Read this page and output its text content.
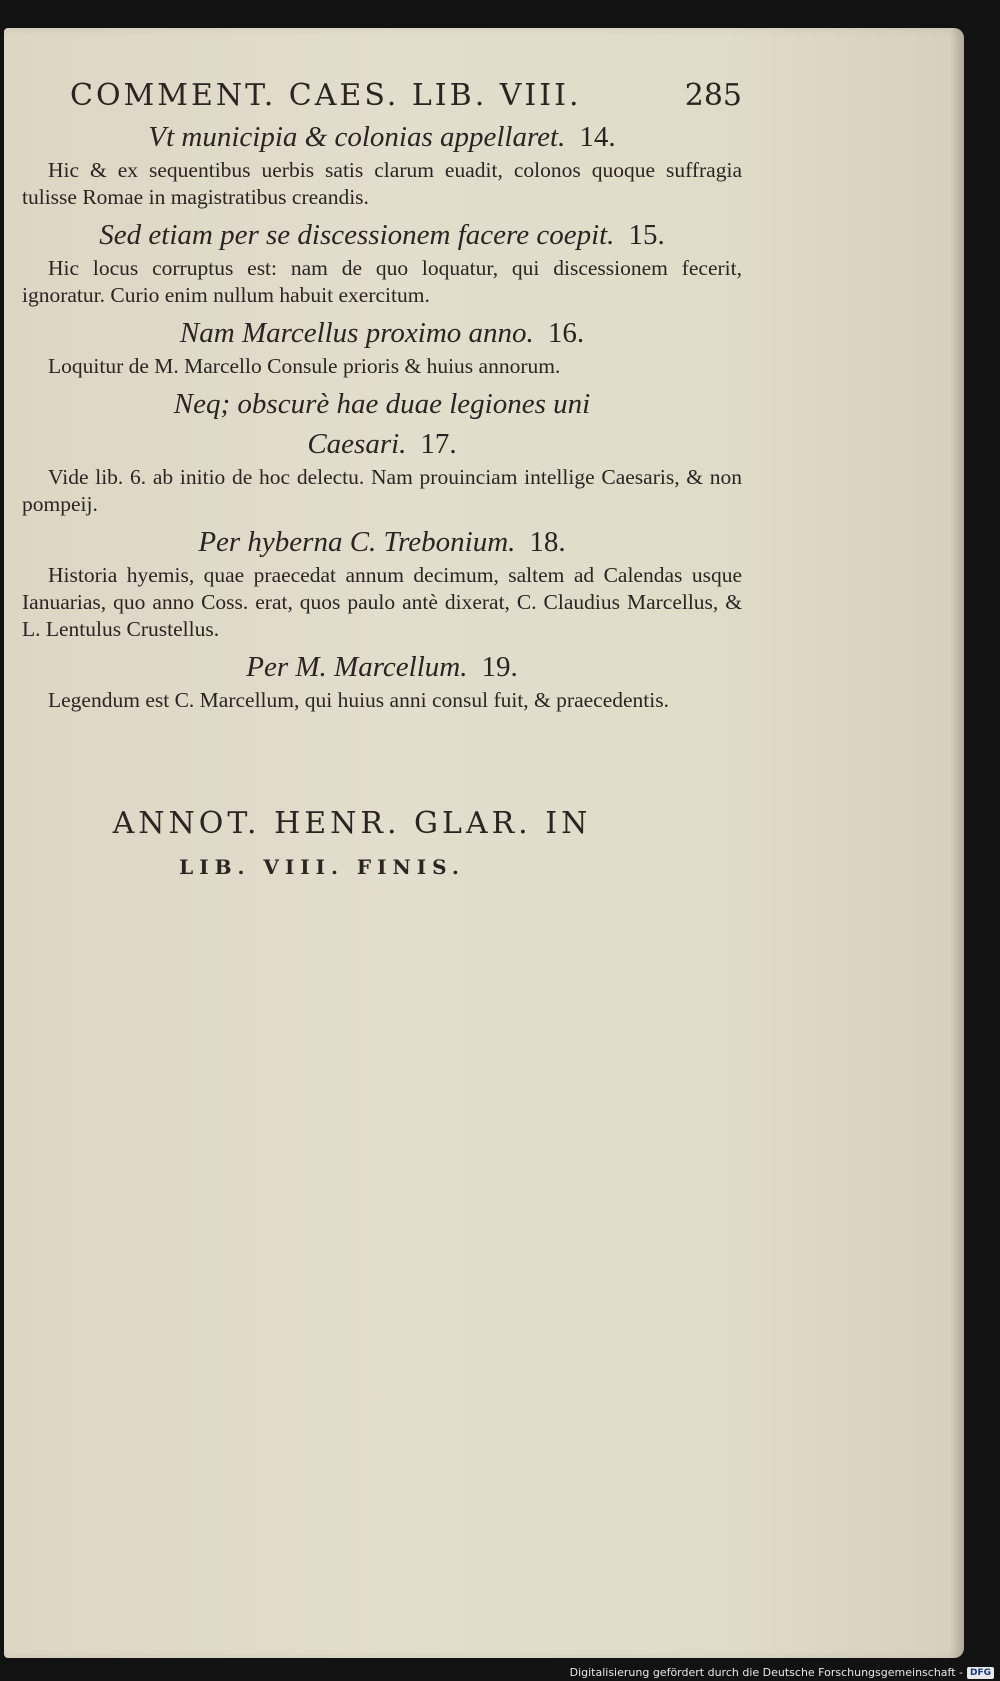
COMMENT. CAES. LIB. VIII.	285

Vt municipia & colonias appellaret. 14.

Hic & ex sequentibus uerbis satis clarum euadit, colonos quoque suffragia tulisse Romae in magistratibus creandis.

Sed etiam per se discessionem facere coepit. 15.

Hic locus corruptus est: nam de quo loquatur, qui discessionem fecerit, ignoratur. Curio enim nullum habuit exercitum.

Nam Marcellus proximo anno. 16.

Loquitur de M. Marcello Consule prioris & huius annorum.

Neq; obscurè hae duae legiones uni Caesari. 17.

Vide lib. 6. ab initio de hoc delectu. Nam prouinciam intellige Caesaris, & non pompeij.

Per hyberna C. Trebonium. 18.

Historia hyemis, quae praecedat annum decimum, saltem ad Calendas usque Ianuarias, quo anno Coss. erat, quos paulo antè dixerat, C. Claudius Marcellus, & L. Lentulus Crustellus.

Per M. Marcellum. 19.

Legendum est C. Marcellum, qui huius anni consul fuit, & praecedentis.

ANNOT. HENR. GLAR. IN
LIB. VIII. FINIS.
Digitalisierung gefördert durch die Deutsche Forschungsgemeinschaft - DFG
